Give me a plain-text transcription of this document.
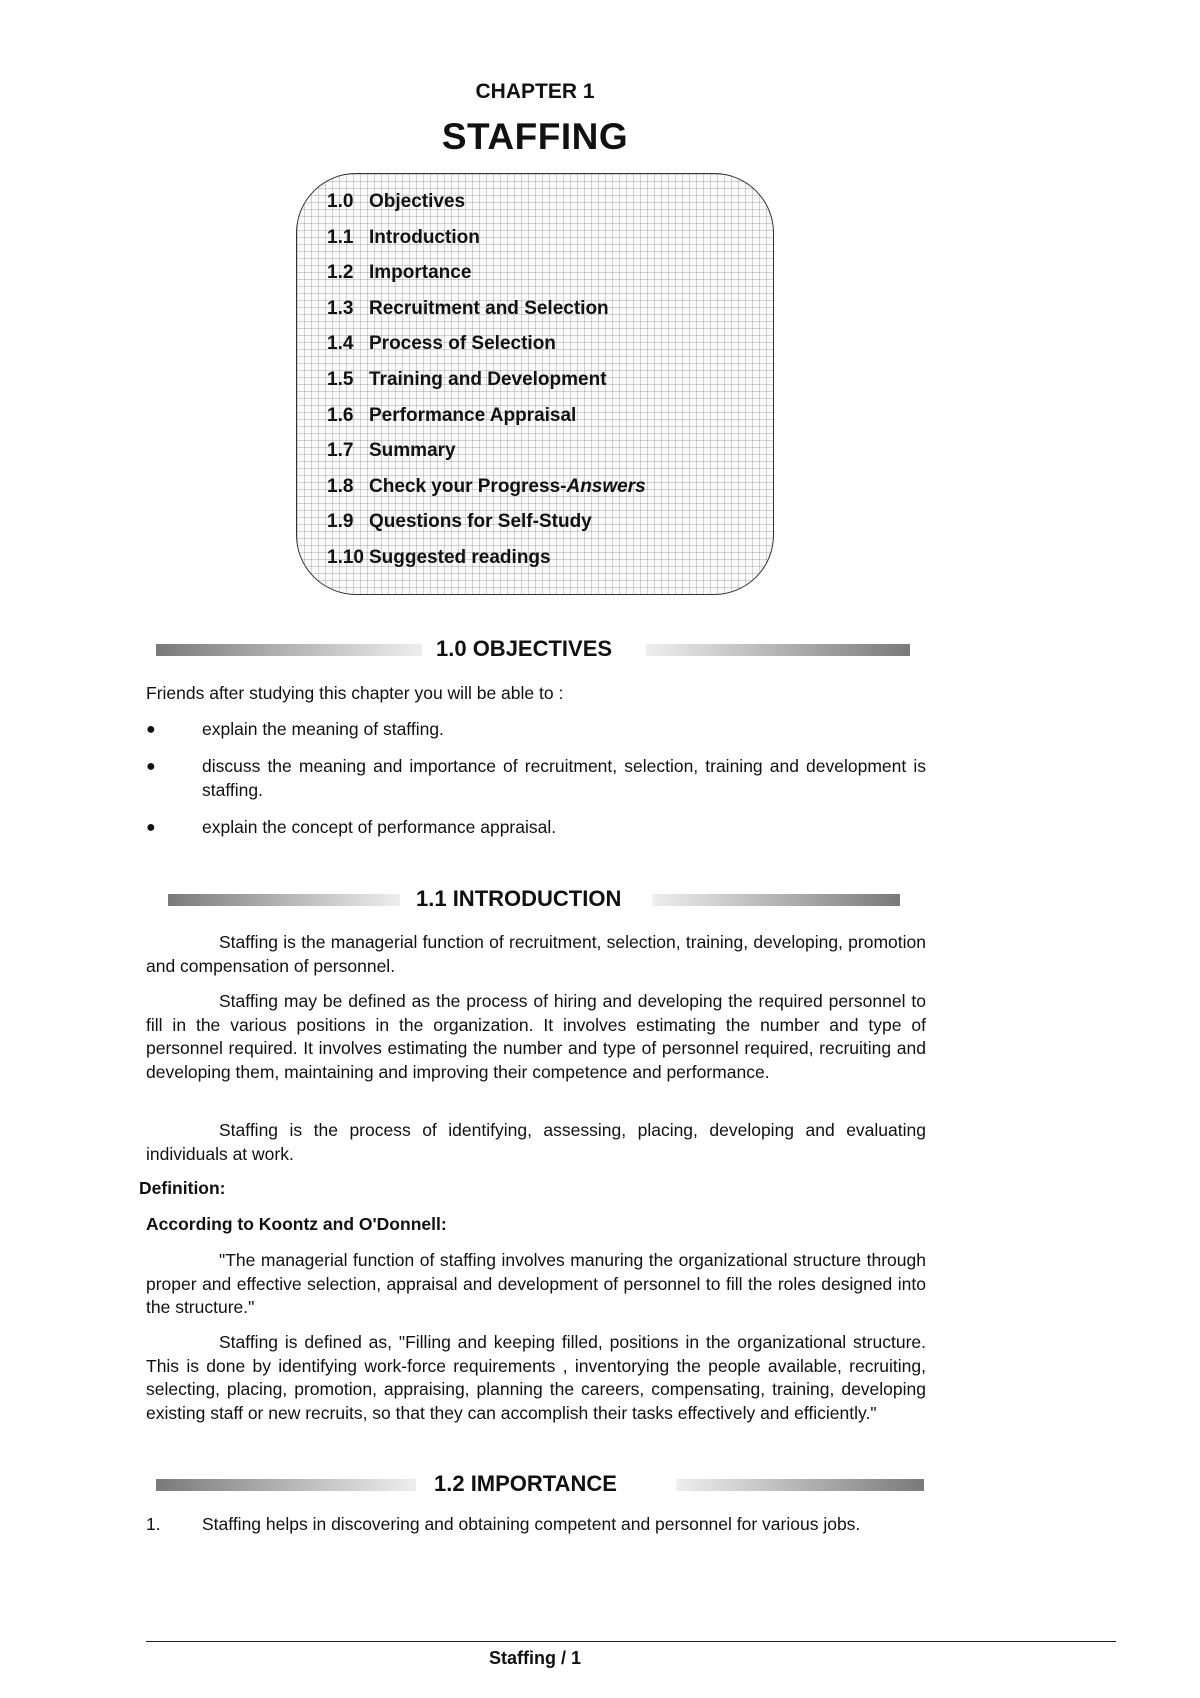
CHAPTER 1
STAFFING
1.0 Objectives
1.1 Introduction
1.2 Importance
1.3 Recruitment and Selection
1.4 Process of Selection
1.5 Training and Development
1.6 Performance Appraisal
1.7 Summary
1.8 Check your Progress-Answers
1.9 Questions for Self-Study
1.10 Suggested readings
1.0 OBJECTIVES
Friends after studying this chapter you will be able to :
●	explain the meaning of staffing.
●	discuss the meaning and importance of recruitment, selection, training and development is staffing.
●	explain the concept of performance appraisal.
1.1 INTRODUCTION
Staffing is the managerial function of recruitment, selection, training, developing, promotion and compensation of personnel.
Staffing may be defined as the process of hiring and developing the required personnel to fill in the various positions in the organization. It involves estimating the number and type of personnel required. It involves estimating the number and type of personnel required, recruiting and developing them, maintaining and improving their competence and performance.
Staffing is the process of identifying, assessing, placing, developing and evaluating individuals at work.
Definition:
According to Koontz and O'Donnell:
"The managerial function of staffing involves manuring the organizational structure through proper and effective selection, appraisal and development of personnel to fill the roles designed into the structure."
Staffing is defined as, "Filling and keeping filled, positions in the organizational structure. This is done by identifying work-force requirements , inventorying the people available, recruiting, selecting, placing, promotion, appraising, planning the careers, compensating, training, developing existing staff or new recruits, so that they can accomplish their tasks effectively and efficiently."
1.2 IMPORTANCE
1. Staffing helps in discovering and obtaining competent and personnel for various jobs.
Staffing / 1
